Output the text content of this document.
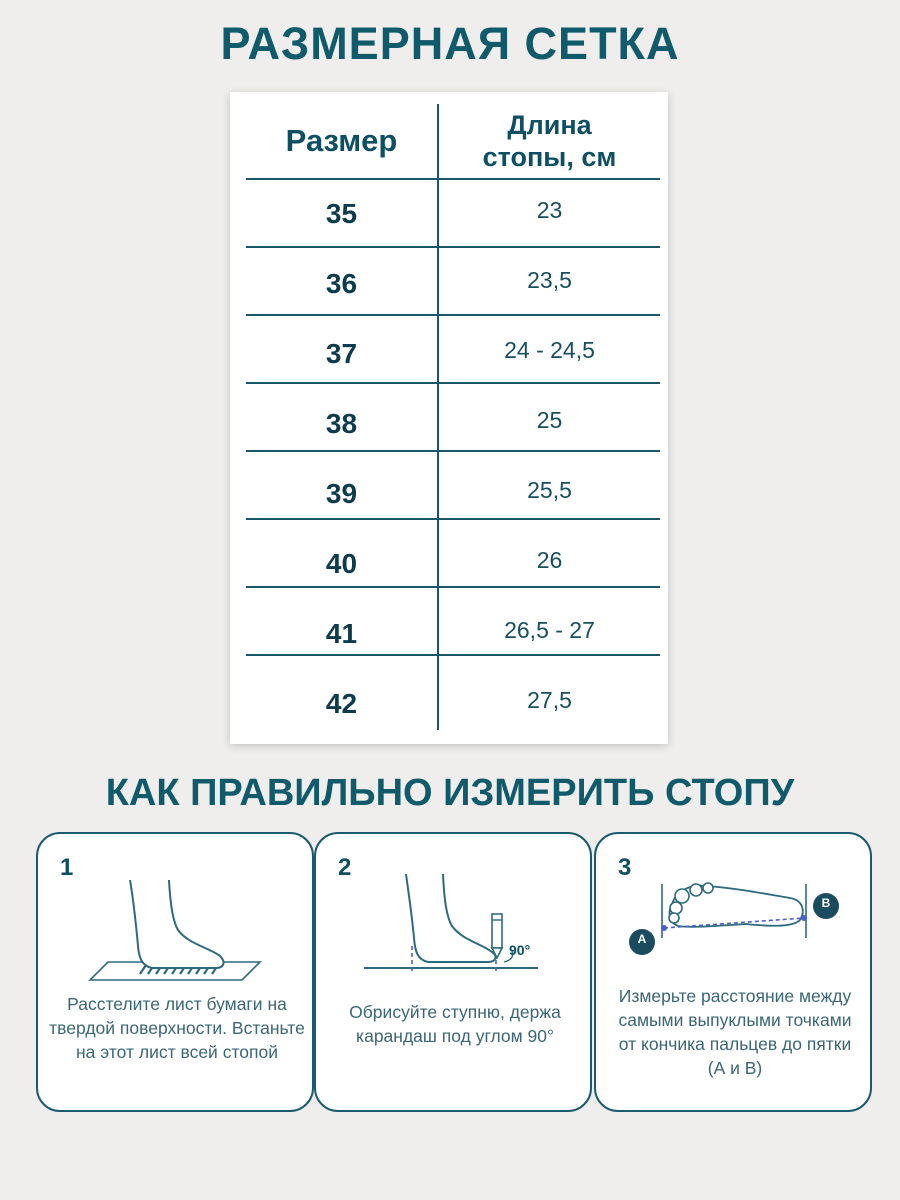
РАЗМЕРНАЯ СЕТКА
Размер	Длина
стопы, см
35	23
36	23,5
37	24 - 24,5
38	25
39	25,5
40	26
41	26,5 - 27
42	27,5
КАК ПРАВИЛЬНО ИЗМЕРИТЬ СТОПУ
1
Расстелите лист бумаги на твердой поверхности. Встаньте на этот лист всей стопой
2
90°
Обрисуйте ступню, держа карандаш под углом 90°
A
B
3
Измерьте расстояние между самыми выпуклыми точками от кончика пальцев до пятки (А и В)
